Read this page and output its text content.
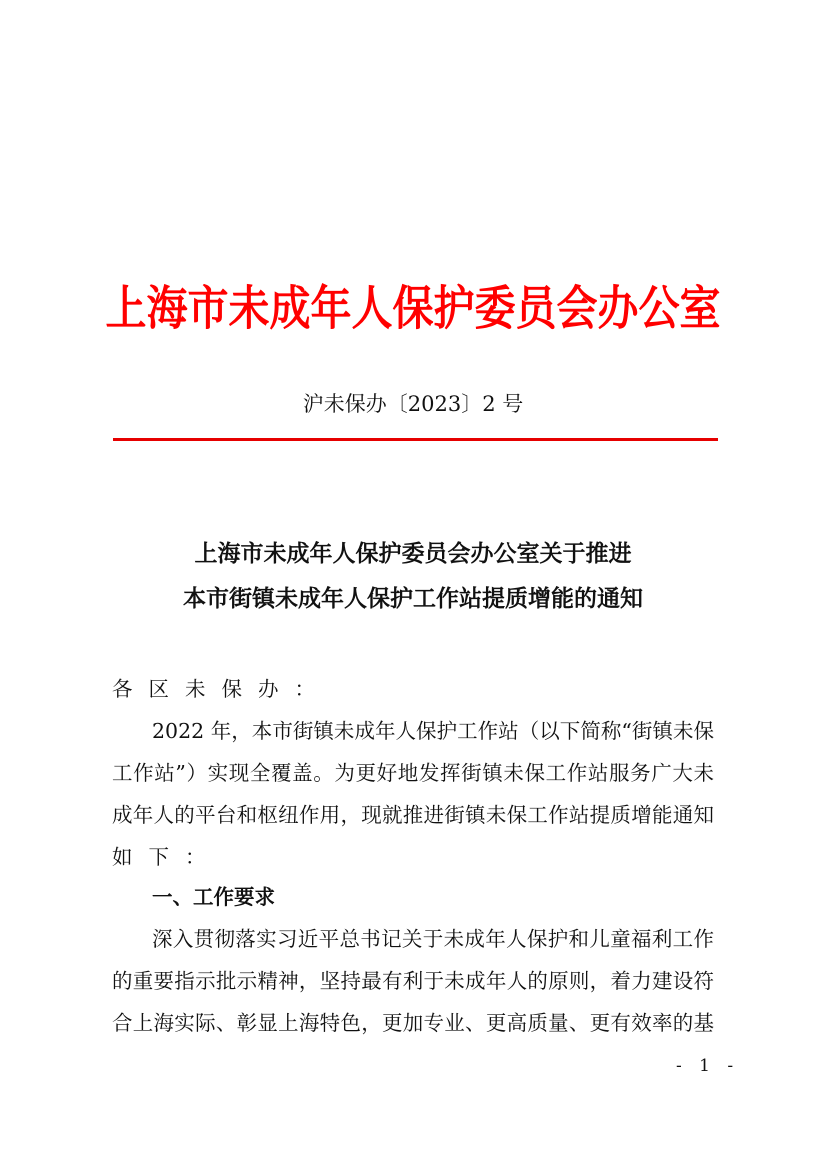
上海市未成年人保护委员会办公室
沪未保办〔2023〕2 号
上海市未成年人保护委员会办公室关于推进
本市街镇未成年人保护工作站提质增能的通知
各区未保办：
2022 年，本市街镇未成年人保护工作站（以下简称“街镇未保
工作站”）实现全覆盖。为更好地发挥街镇未保工作站服务广大未
成年人的平台和枢纽作用，现就推进街镇未保工作站提质增能通知
如下：
一、工作要求
深入贯彻落实习近平总书记关于未成年人保护和儿童福利工作
的重要指示批示精神，坚持最有利于未成年人的原则，着力建设符
合上海实际、彰显上海特色，更加专业、更高质量、更有效率的基
- 1 -
